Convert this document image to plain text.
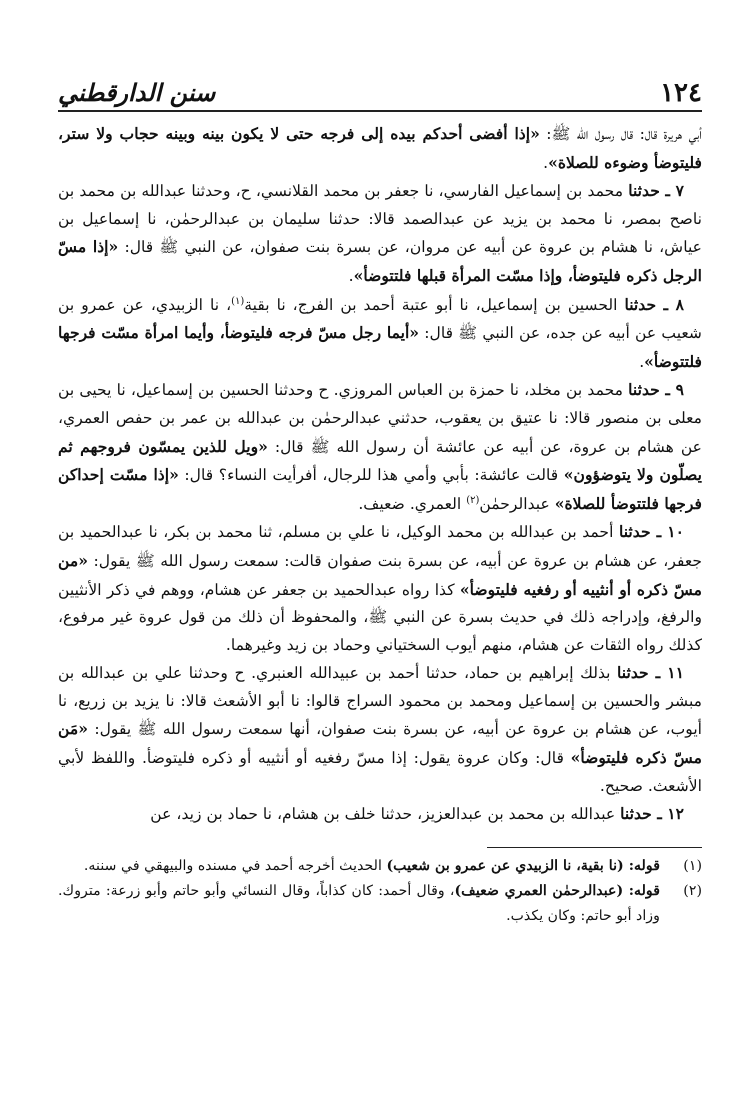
١٢٤
سنن الدارقطني

أبي هريرة قال: قال رسول الله ﷺ: «إذا أفضى أحدكم بيده إلى فرجه حتى لا يكون بينه وبينه حجاب ولا ستر، فليتوضأ وضوءه للصلاة».

٧ ـ حدثنا محمد بن إسماعيل الفارسي، نا جعفر بن محمد القلانسي، ح، وحدثنا عبدالله بن محمد بن ناصح بمصر، نا محمد بن يزيد عن عبدالصمد قالا: حدثنا سليمان بن عبدالرحمٰن، نا إسماعيل بن عياش، نا هشام بن عروة عن أبيه عن مروان، عن بسرة بنت صفوان، عن النبي ﷺ قال: «إذا مسّ الرجل ذكره فليتوضأ، وإذا مسّت المرأة قبلها فلتتوضأ».

٨ ـ حدثنا الحسين بن إسماعيل، نا أبو عتبة أحمد بن الفرج، نا بقية$^{(١)}$، نا الزبيدي، عن عمرو بن شعيب عن أبيه عن جده، عن النبي ﷺ قال: «أيما رجل مسّ فرجه فليتوضأ، وأيما امرأة مسّت فرجها فلتتوضأ».

٩ ـ حدثنا محمد بن مخلد، نا حمزة بن العباس المروزي. ح وحدثنا الحسين بن إسماعيل، نا يحيى بن معلى بن منصور قالا: نا عتيق بن يعقوب، حدثني عبدالرحمٰن بن عبدالله بن عمر بن حفص العمري، عن هشام بن عروة، عن أبيه عن عائشة أن رسول الله ﷺ قال: «ويل للذين يمسّون فروجهم ثم يصلّون ولا يتوضؤون» قالت عائشة: بأبي وأمي هذا للرجال، أفرأيت النساء؟ قال: «إذا مسّت إحداكن فرجها فلتتوضأ للصلاة» عبدالرحمٰن$^{(٢)}$ العمري. ضعيف.

١٠ ـ حدثنا أحمد بن عبدالله بن محمد الوكيل، نا علي بن مسلم، ثنا محمد بن بكر، نا عبدالحميد بن جعفر، عن هشام بن عروة عن أبيه، عن بسرة بنت صفوان قالت: سمعت رسول الله ﷺ يقول: «من مسّ ذكره أو أنثييه أو رفغيه فليتوضأ» كذا رواه عبدالحميد بن جعفر عن هشام، ووهم في ذكر الأنثيين والرفغ، وإدراجه ذلك في حديث بسرة عن النبي ﷺ، والمحفوظ أن ذلك من قول عروة غير مرفوع، كذلك رواه الثقات عن هشام، منهم أيوب السختياني وحماد بن زيد وغيرهما.

١١ ـ حدثنا بذلك إبراهيم بن حماد، حدثنا أحمد بن عبيدالله العنبري. ح وحدثنا علي بن عبدالله بن مبشر والحسين بن إسماعيل ومحمد بن محمود السراج قالوا: نا أبو الأشعث قالا: نا يزيد بن زريع، نا أيوب، عن هشام بن عروة عن أبيه، عن بسرة بنت صفوان، أنها سمعت رسول الله ﷺ يقول: «مَن مسّ ذكره فليتوضأ» قال: وكان عروة يقول: إذا مسّ رفغيه أو أنثييه أو ذكره فليتوضأ. واللفظ لأبي الأشعث. صحيح.

١٢ ـ حدثنا عبدالله بن محمد بن عبدالعزيز، حدثنا خلف بن هشام، نا حماد بن زيد، عن

(١)
قوله: (نا بقية، نا الزبيدي عن عمرو بن شعيب) الحديث أخرجه أحمد في مسنده والبيهقي في سننه.
(٢)
قوله: (عبدالرحمٰن العمري ضعيف)، وقال أحمد: كان كذاباً، وقال النسائي وأبو حاتم وأبو زرعة: متروك. وزاد أبو حاتم: وكان يكذب.
